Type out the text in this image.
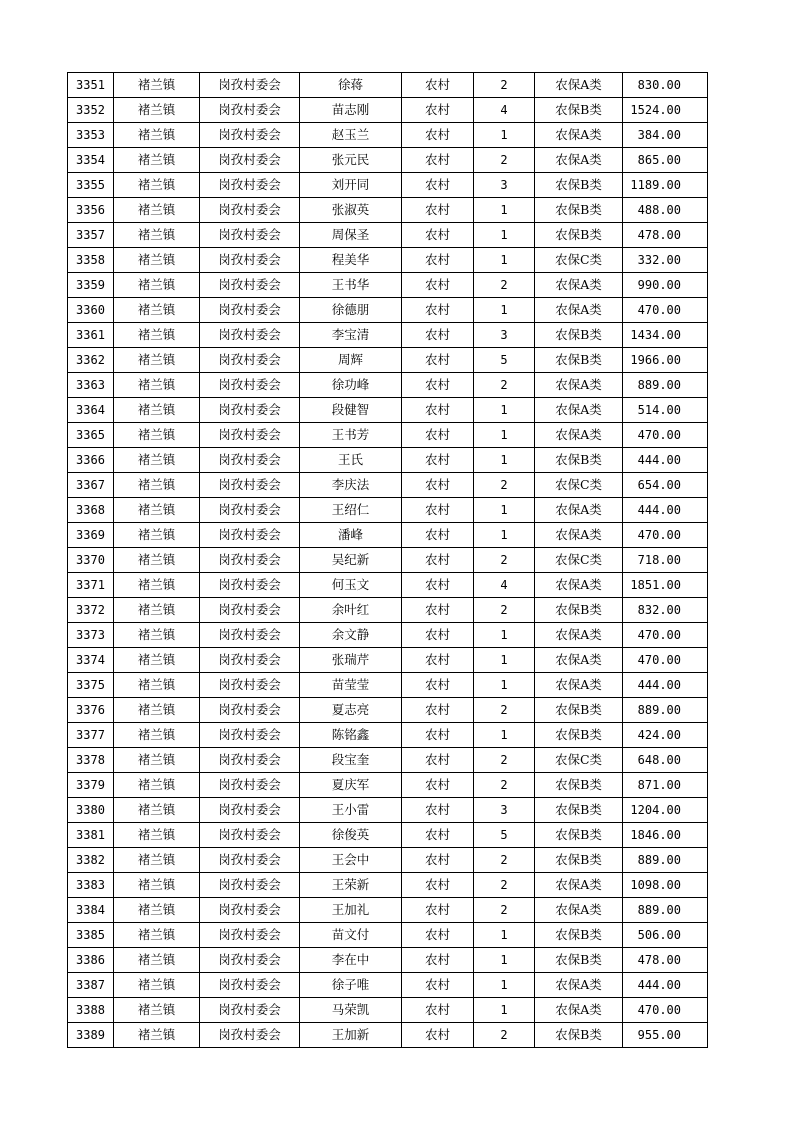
3351	褚兰镇	岗孜村委会	徐蒋	农村	2	农保A类	830.00
3352	褚兰镇	岗孜村委会	苗志刚	农村	4	农保B类	1524.00
3353	褚兰镇	岗孜村委会	赵玉兰	农村	1	农保A类	384.00
3354	褚兰镇	岗孜村委会	张元民	农村	2	农保A类	865.00
3355	褚兰镇	岗孜村委会	刘开同	农村	3	农保B类	1189.00
3356	褚兰镇	岗孜村委会	张淑英	农村	1	农保B类	488.00
3357	褚兰镇	岗孜村委会	周保圣	农村	1	农保B类	478.00
3358	褚兰镇	岗孜村委会	程美华	农村	1	农保C类	332.00
3359	褚兰镇	岗孜村委会	王书华	农村	2	农保A类	990.00
3360	褚兰镇	岗孜村委会	徐德朋	农村	1	农保A类	470.00
3361	褚兰镇	岗孜村委会	李宝清	农村	3	农保B类	1434.00
3362	褚兰镇	岗孜村委会	周辉	农村	5	农保B类	1966.00
3363	褚兰镇	岗孜村委会	徐功峰	农村	2	农保A类	889.00
3364	褚兰镇	岗孜村委会	段健智	农村	1	农保A类	514.00
3365	褚兰镇	岗孜村委会	王书芳	农村	1	农保A类	470.00
3366	褚兰镇	岗孜村委会	王氏	农村	1	农保B类	444.00
3367	褚兰镇	岗孜村委会	李庆法	农村	2	农保C类	654.00
3368	褚兰镇	岗孜村委会	王绍仁	农村	1	农保A类	444.00
3369	褚兰镇	岗孜村委会	潘峰	农村	1	农保A类	470.00
3370	褚兰镇	岗孜村委会	吴纪新	农村	2	农保C类	718.00
3371	褚兰镇	岗孜村委会	何玉文	农村	4	农保A类	1851.00
3372	褚兰镇	岗孜村委会	余叶红	农村	2	农保B类	832.00
3373	褚兰镇	岗孜村委会	余文静	农村	1	农保A类	470.00
3374	褚兰镇	岗孜村委会	张瑞芹	农村	1	农保A类	470.00
3375	褚兰镇	岗孜村委会	苗莹莹	农村	1	农保A类	444.00
3376	褚兰镇	岗孜村委会	夏志亮	农村	2	农保B类	889.00
3377	褚兰镇	岗孜村委会	陈铭鑫	农村	1	农保B类	424.00
3378	褚兰镇	岗孜村委会	段宝奎	农村	2	农保C类	648.00
3379	褚兰镇	岗孜村委会	夏庆军	农村	2	农保B类	871.00
3380	褚兰镇	岗孜村委会	王小雷	农村	3	农保B类	1204.00
3381	褚兰镇	岗孜村委会	徐俊英	农村	5	农保B类	1846.00
3382	褚兰镇	岗孜村委会	王会中	农村	2	农保B类	889.00
3383	褚兰镇	岗孜村委会	王荣新	农村	2	农保A类	1098.00
3384	褚兰镇	岗孜村委会	王加礼	农村	2	农保A类	889.00
3385	褚兰镇	岗孜村委会	苗文付	农村	1	农保B类	506.00
3386	褚兰镇	岗孜村委会	李在中	农村	1	农保B类	478.00
3387	褚兰镇	岗孜村委会	徐子唯	农村	1	农保A类	444.00
3388	褚兰镇	岗孜村委会	马荣凯	农村	1	农保A类	470.00
3389	褚兰镇	岗孜村委会	王加新	农村	2	农保B类	955.00
